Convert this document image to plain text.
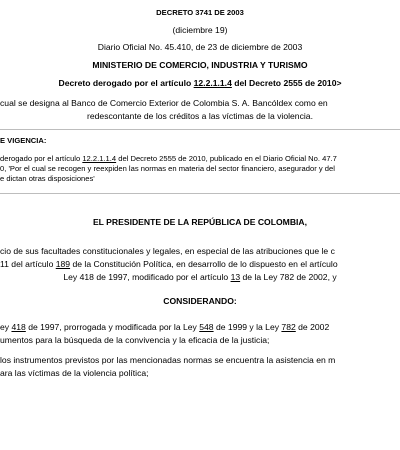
DECRETO 3741 DE 2003
(diciembre 19)
Diario Oficial No. 45.410, de 23 de diciembre de 2003
MINISTERIO DE COMERCIO, INDUSTRIA Y TURISMO
Decreto derogado por el artículo 12.2.1.1.4 del Decreto 2555 de 2010>
cual se designa al Banco de Comercio Exterior de Colombia S. A. Bancóldex como en
redescontante de los créditos a las víctimas de la violencia.
E VIGENCIA:
derogado por el artículo 12.2.1.1.4 del Decreto 2555 de 2010, publicado en el Diario Oficial No. 47.7
0, 'Por el cual se recogen y reexpiden las normas en materia del sector financiero, asegurador y del
e dictan otras disposiciones'
EL PRESIDENTE DE LA REPÚBLICA DE COLOMBIA,
cio de sus facultades constitucionales y legales, en especial de las atribuciones que le c
11 del artículo 189 de la Constitución Política, en desarrollo de lo dispuesto en el artículo
Ley 418 de 1997, modificado por el artículo 13 de la Ley 782 de 2002, y
CONSIDERANDO:
ey 418 de 1997, prorrogada y modificada por la Ley 548 de 1999 y la Ley 782 de 2002
umentos para la búsqueda de la convivencia y la eficacia de la justicia;
los instrumentos previstos por las mencionadas normas se encuentra la asistencia en m
ara las víctimas de la violencia política;
